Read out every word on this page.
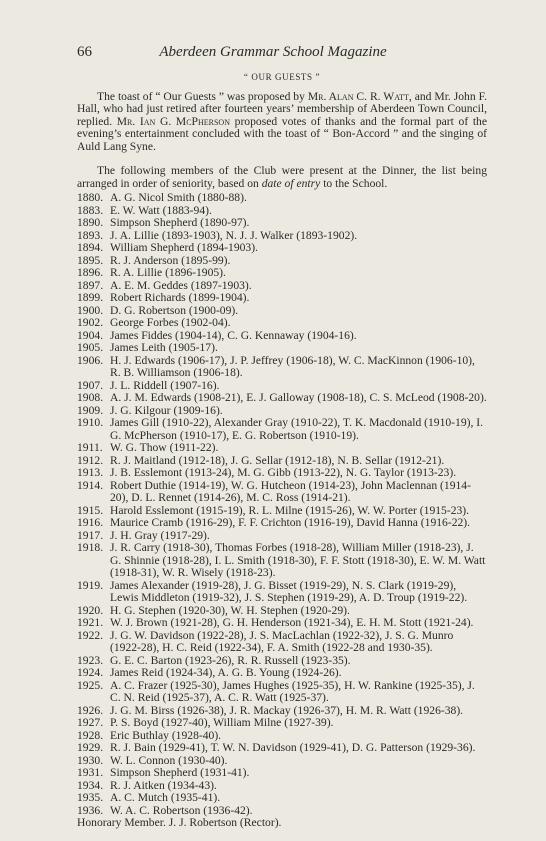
66	Aberdeen Grammar School Magazine
“ OUR GUESTS ”

The toast of “ Our Guests ” was proposed by Mr. Alan C. R. Watt, and Mr. John F. Hall, who had just retired after fourteen years’ membership of Aberdeen Town Council, replied. Mr. Ian G. McPherson proposed votes of thanks and the formal part of the evening’s entertainment concluded with the toast of “ Bon-Accord ” and the singing of Auld Lang Syne.

The following members of the Club were present at the Dinner, the list being arranged in order of seniority, based on date of entry to the School.

1880. A. G. Nicol Smith (1880-88).
1883. E. W. Watt (1883-94).
1890. Simpson Shepherd (1890-97).
1893. J. A. Lillie (1893-1903), N. J. J. Walker (1893-1902).
1894. William Shepherd (1894-1903).
1895. R. J. Anderson (1895-99).
1896. R. A. Lillie (1896-1905).
1897. A. E. M. Geddes (1897-1903).
1899. Robert Richards (1899-1904).
1900. D. G. Robertson (1900-09).
1902. George Forbes (1902-04).
1904. James Fiddes (1904-14), C. G. Kennaway (1904-16).
1905. James Leith (1905-17).
1906. H. J. Edwards (1906-17), J. P. Jeffrey (1906-18), W. C. MacKinnon (1906-10), R. B. Williamson (1906-18).
1907. J. L. Riddell (1907-16).
1908. A. J. M. Edwards (1908-21), E. J. Galloway (1908-18), C. S. McLeod (1908-20).
1909. J. G. Kilgour (1909-16).
1910. James Gill (1910-22), Alexander Gray (1910-22), T. K. Macdonald (1910-19), I. G. McPherson (1910-17), E. G. Robertson (1910-19).
1911. W. G. Thow (1911-22).
1912. R. J. Maitland (1912-18), J. G. Sellar (1912-18), N. B. Sellar (1912-21).
1913. J. B. Esslemont (1913-24), M. G. Gibb (1913-22), N. G. Taylor (1913-23).
1914. Robert Duthie (1914-19), W. G. Hutcheon (1914-23), John Maclennan (1914-20), D. L. Rennet (1914-26), M. C. Ross (1914-21).
1915. Harold Esslemont (1915-19), R. L. Milne (1915-26), W. W. Porter (1915-23).
1916. Maurice Cramb (1916-29), F. F. Crichton (1916-19), David Hanna (1916-22).
1917. J. H. Gray (1917-29).
1918. J. R. Carry (1918-30), Thomas Forbes (1918-28), William Miller (1918-23), J. G. Shinnie (1918-28), I. L. Smith (1918-30), F. F. Stott (1918-30), E. W. M. Watt (1918-31), W. R. Wisely (1918-23).
1919. James Alexander (1919-28), J. G. Bisset (1919-29), N. S. Clark (1919-29), Lewis Middleton (1919-32), J. S. Stephen (1919-29), A. D. Troup (1919-22).
1920. H. G. Stephen (1920-30), W. H. Stephen (1920-29).
1921. W. J. Brown (1921-28), G. H. Henderson (1921-34), E. H. M. Stott (1921-24).
1922. J. G. W. Davidson (1922-28), J. S. MacLachlan (1922-32), J. S. G. Munro (1922-28), H. C. Reid (1922-34), F. A. Smith (1922-28 and 1930-35).
1923. G. E. C. Barton (1923-26), R. R. Russell (1923-35).
1924. James Reid (1924-34), A. G. B. Young (1924-26).
1925. A. C. Frazer (1925-30), James Hughes (1925-35), H. W. Rankine (1925-35), J. C. N. Reid (1925-37), A. C. R. Watt (1925-37).
1926. J. G. M. Birss (1926-38), J. R. Mackay (1926-37), H. M. R. Watt (1926-38).
1927. P. S. Boyd (1927-40), William Milne (1927-39).
1928. Eric Buthlay (1928-40).
1929. R. J. Bain (1929-41), T. W. N. Davidson (1929-41), D. G. Patterson (1929-36).
1930. W. L. Connon (1930-40).
1931. Simpson Shepherd (1931-41).
1934. R. J. Aitken (1934-43).
1935. A. C. Mutch (1935-41).
1936. W. A. C. Robertson (1936-42).
Honorary Member. J. J. Robertson (Rector).
